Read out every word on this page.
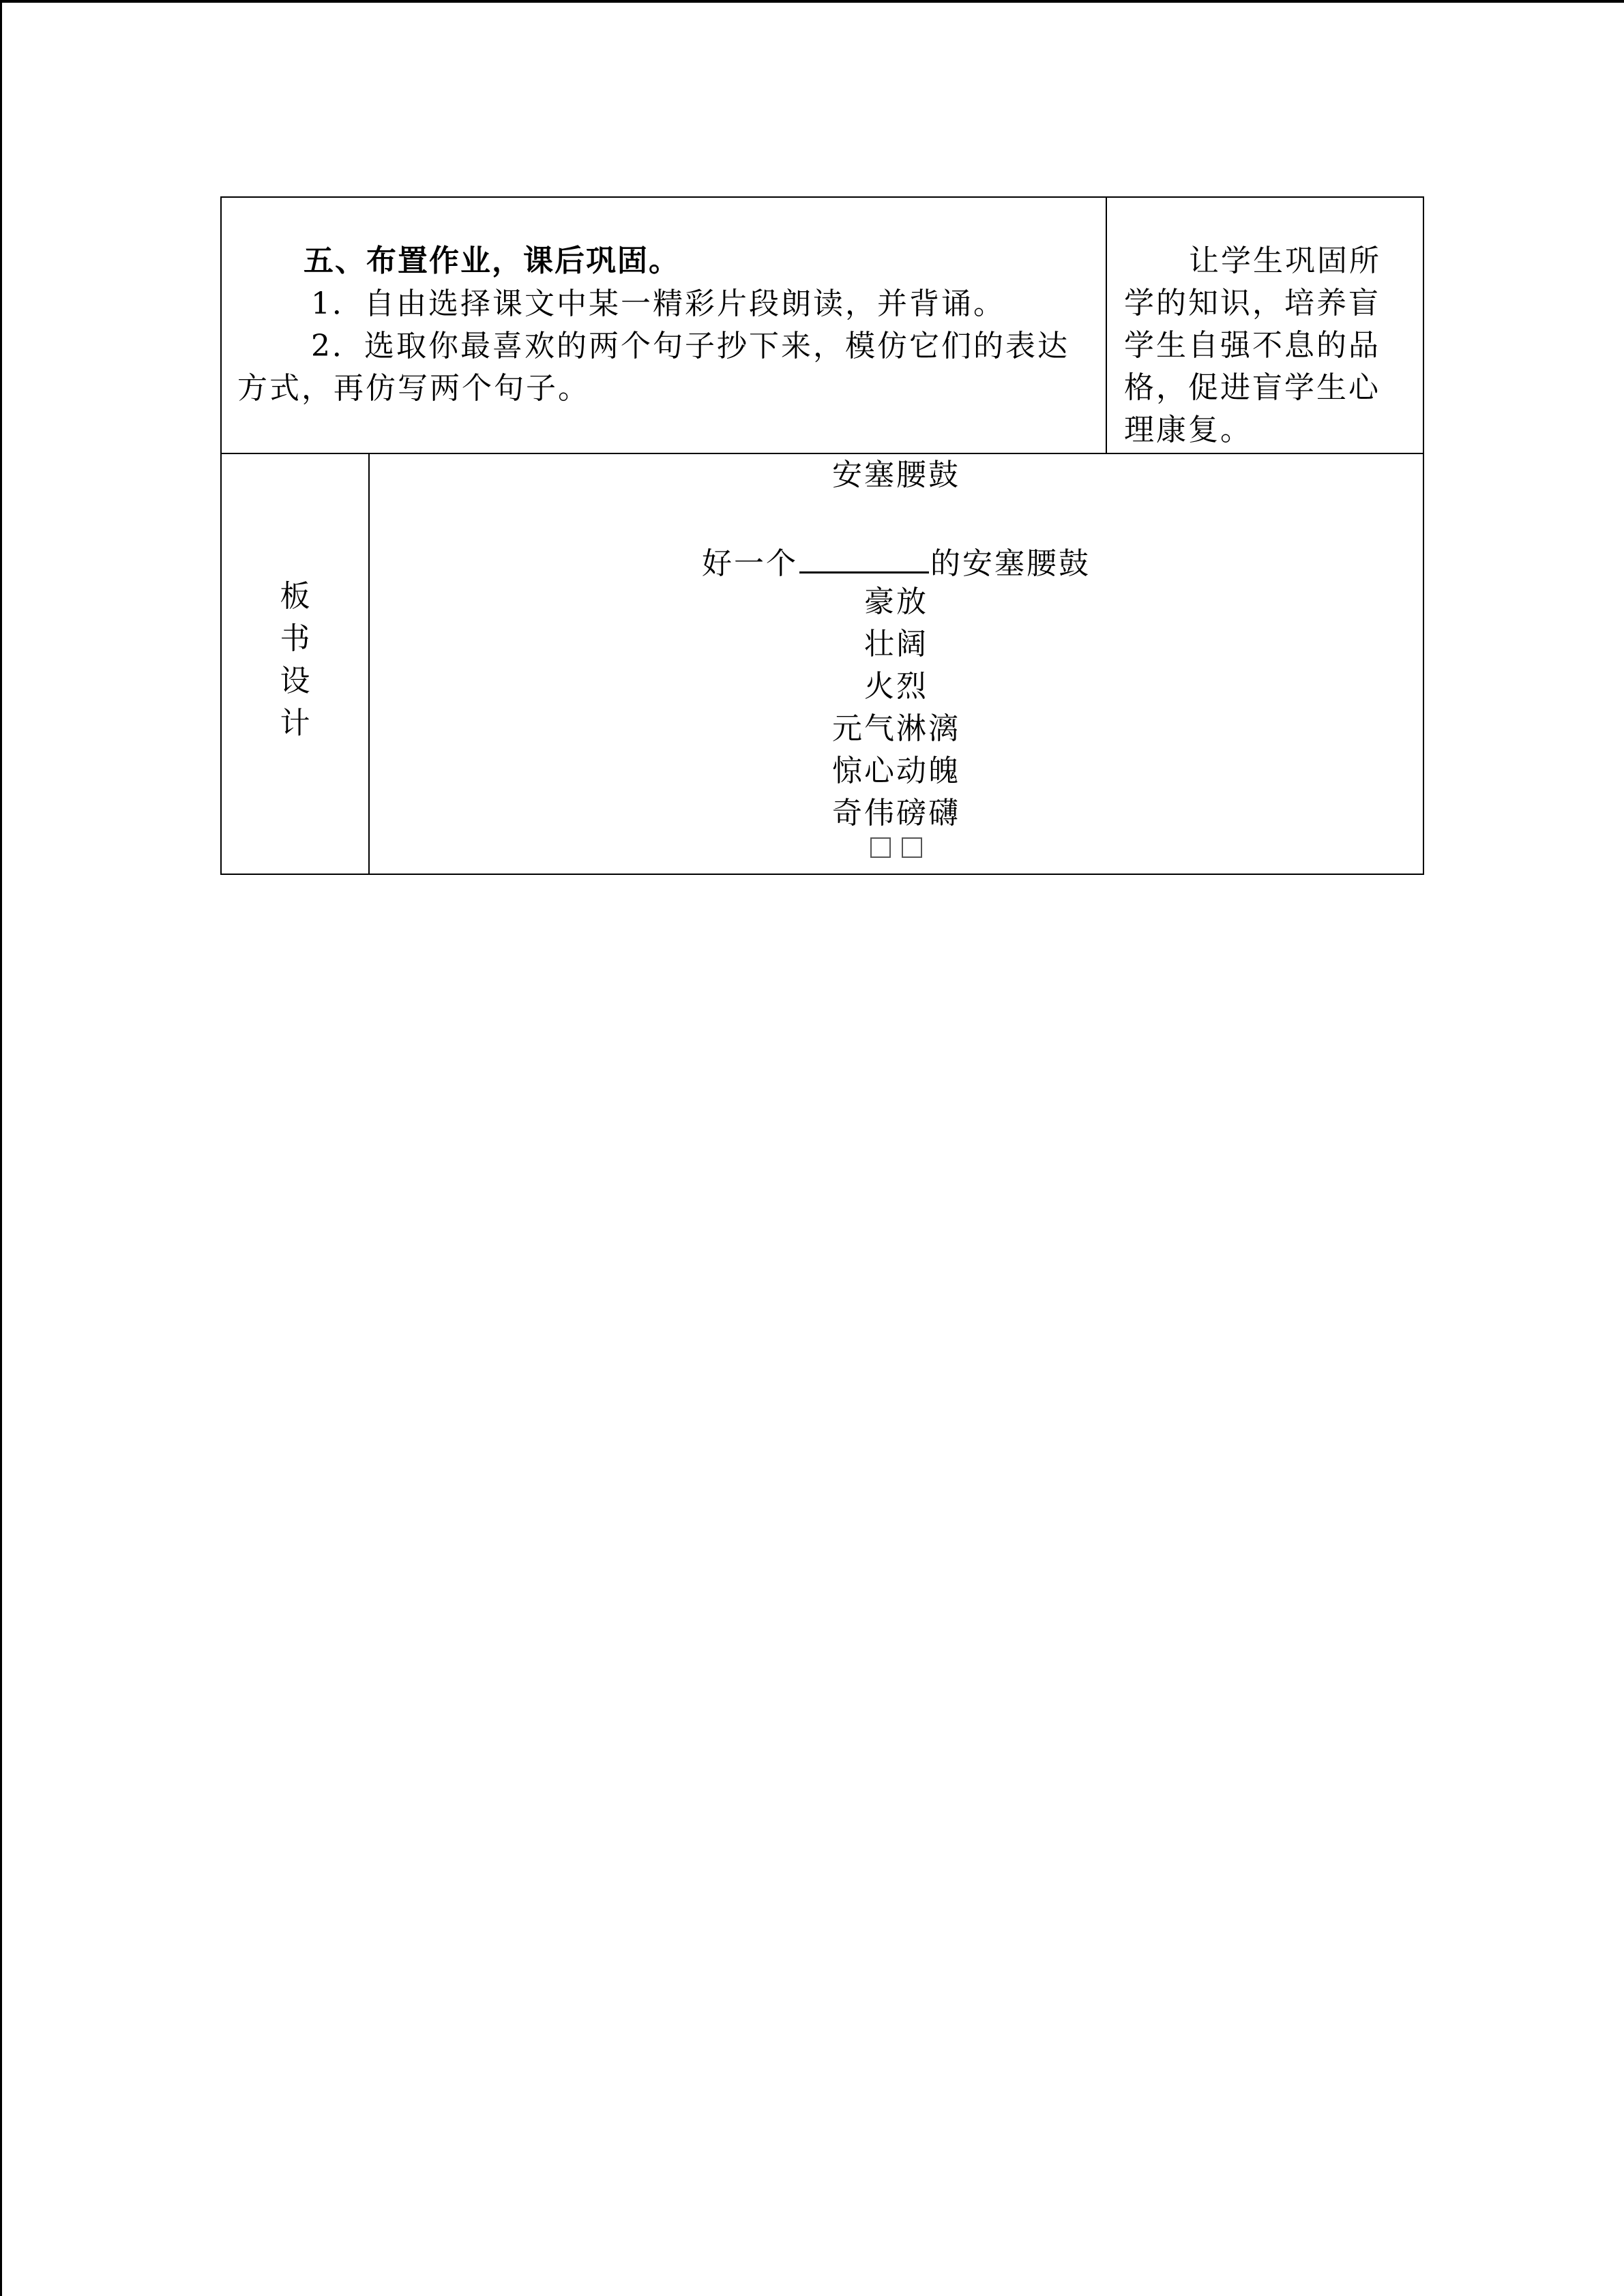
五、布置作业，课后巩固。
1．自由选择课文中某一精彩片段朗读，并背诵。
2．选取你最喜欢的两个句子抄下来，模仿它们的表达
方式，再仿写两个句子。
让学生巩固所
学的知识，培养盲
学生自强不息的品
格，促进盲学生心
理康复。
板
书
设
计
安塞腰鼓
好一个	的安塞腰鼓
豪放
壮阔
火烈
元气淋漓
惊心动魄
奇伟磅礴
